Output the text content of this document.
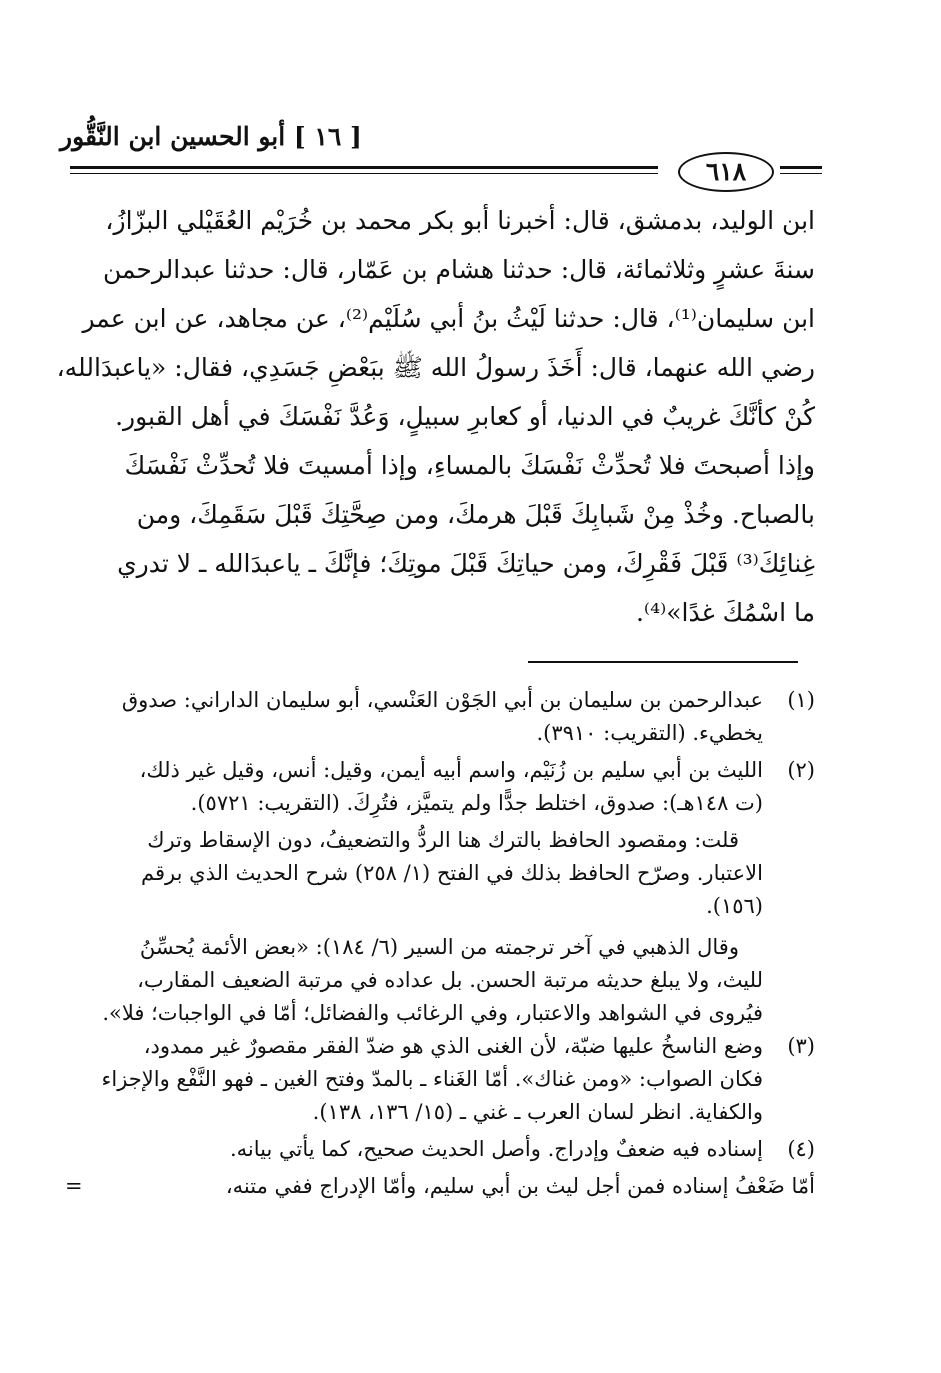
[ ١٦ ] أبو الحسين ابن النَّقُّور
٦١٨
ابن الوليد، بدمشق، قال: أخبرنا أبو بكر محمد بن خُرَيْم العُقَيْلي البزّازُ،
سنةَ عشرٍ وثلاثمائة، قال: حدثنا هشام بن عَمّار، قال: حدثنا عبدالرحمن
ابن سليمان⁽¹⁾، قال: حدثنا لَيْثُ بنُ أبي سُلَيْم⁽²⁾، عن مجاهد، عن ابن عمر
رضي الله عنهما، قال: أَخَذَ رسولُ الله ﷺ ببَعْضِ جَسَدِي، فقال: «ياعبدَالله،
كُنْ كأنَّكَ غريبٌ في الدنيا، أو كعابرِ سبيلٍ، وَعُدَّ نَفْسَكَ في أهل القبور.
وإذا أصبحتَ فلا تُحدِّثْ نَفْسَكَ بالمساءِ، وإذا أمسيتَ فلا تُحدِّثْ نَفْسَكَ
بالصباح. وخُذْ مِنْ شَبابِكَ قَبْلَ هرمكَ، ومن صِحَّتِكَ قَبْلَ سَقَمِكَ، ومن
غِنائِكَ⁽³⁾ قَبْلَ فَقْرِكَ، ومن حياتِكَ قَبْلَ موتِكَ؛ فإنَّكَ ـ ياعبدَالله ـ لا تدري
ما اسْمُكَ غدًا»⁽⁴⁾.
(١)
عبدالرحمن بن سليمان بن أبي الجَوْن العَنْسي، أبو سليمان الداراني: صدوق
يخطيء. (التقريب: ٣٩١٠).
(٢)
الليث بن أبي سليم بن زُنَيْم، واسم أبيه أيمن، وقيل: أنس، وقيل غير ذلك،
(ت ١٤٨هـ): صدوق، اختلط جدًّا ولم يتميَّز، فتُرِكَ. (التقريب: ٥٧٢١).
قلت: ومقصود الحافظ بالترك هنا الردُّ والتضعيفُ، دون الإسقاط وترك
الاعتبار. وصرّح الحافظ بذلك في الفتح (١/ ٢٥٨) شرح الحديث الذي برقم
(١٥٦).
وقال الذهبي في آخر ترجمته من السير (٦/ ١٨٤): «بعض الأئمة يُحسِّنُ
لليث، ولا يبلغ حديثه مرتبة الحسن. بل عداده في مرتبة الضعيف المقارب،
فيُروى في الشواهد والاعتبار، وفي الرغائب والفضائل؛ أمّا في الواجبات؛ فلا».
(٣)
وضع الناسخُ عليها ضبّة، لأن الغنى الذي هو ضدّ الفقر مقصورٌ غير ممدود،
فكان الصواب: «ومن غناك». أمّا الغَناء ـ بالمدّ وفتح الغين ـ فهو النَّفْع والإجزاء
والكفاية. انظر لسان العرب ـ غني ـ (١٥/ ١٣٦، ١٣٨).
(٤)
إسناده فيه ضعفٌ وإدراج. وأصل الحديث صحيح، كما يأتي بيانه.
أمّا ضَعْفُ إسناده فمن أجل ليث بن أبي سليم، وأمّا الإدراج ففي متنه،
=
